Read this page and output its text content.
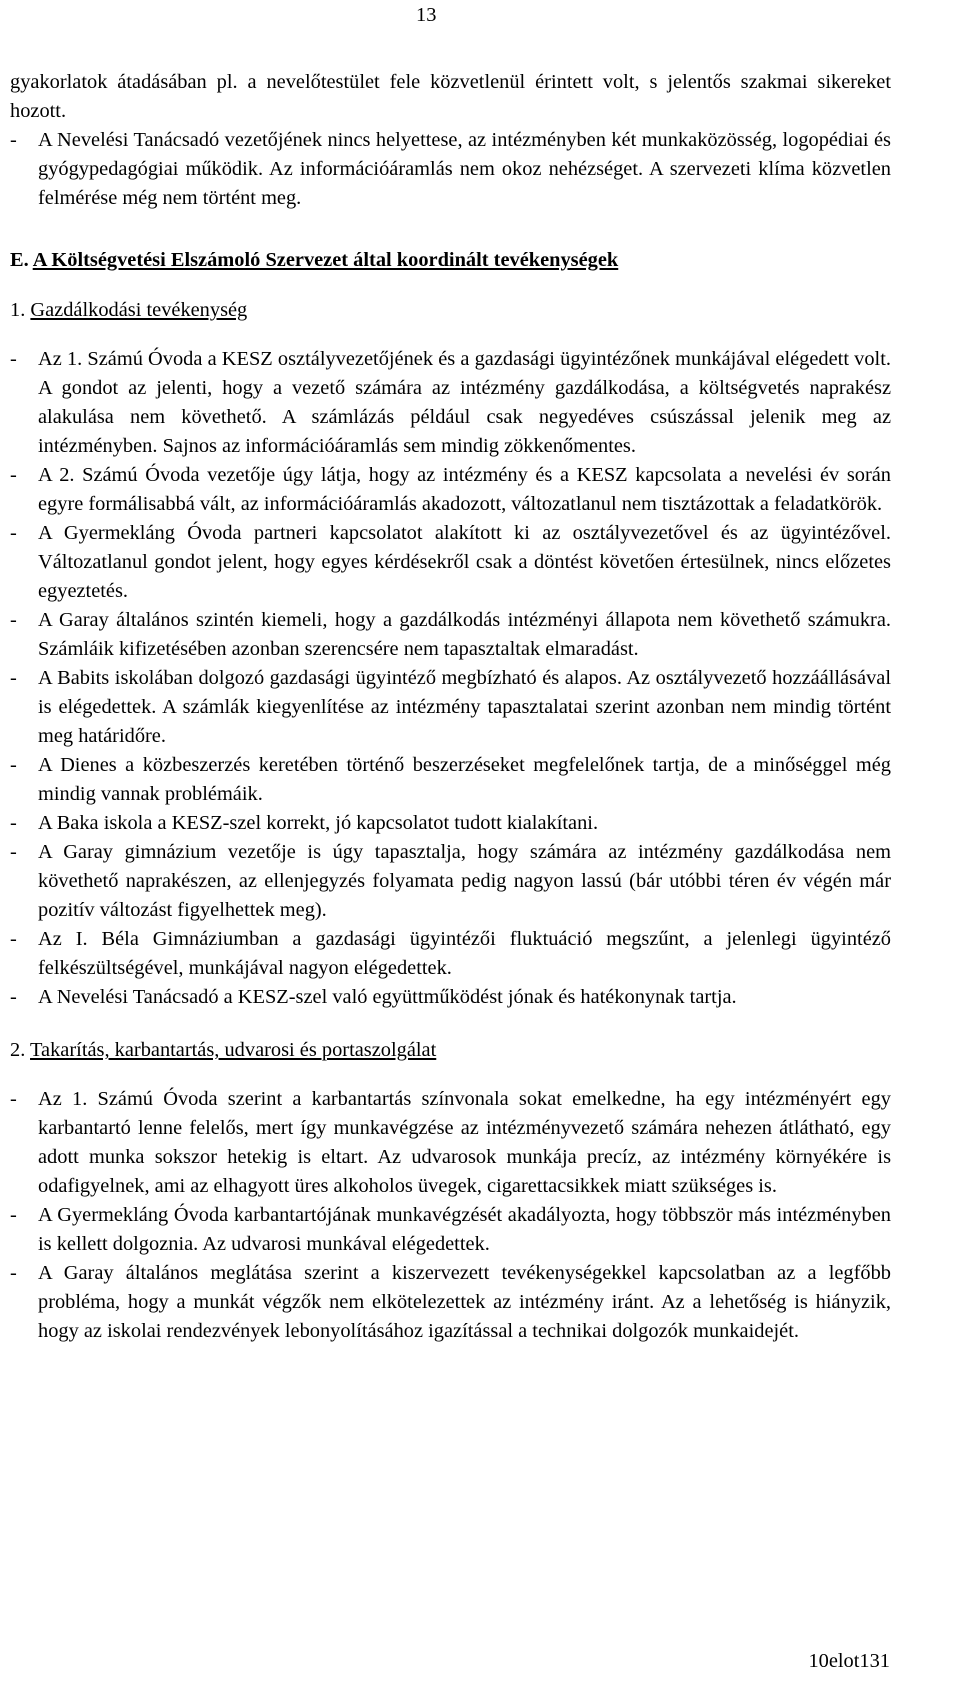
13

gyakorlatok átadásában pl. a nevelőtestület fele közvetlenül érintett volt, s jelentős szakmai sikereket hozott.

- A Nevelési Tanácsadó vezetőjének nincs helyettese, az intézményben két munkaközösség, logopédiai és gyógypedagógiai működik. Az információáramlás nem okoz nehézséget. A szervezeti klíma közvetlen felmérése még nem történt meg.

E. A Költségvetési Elszámoló Szervezet által koordinált tevékenységek

1. Gazdálkodási tevékenység

- Az 1. Számú Óvoda a KESZ osztályvezetőjének és a gazdasági ügyintézőnek munkájával elégedett volt. A gondot az jelenti, hogy a vezető számára az intézmény gazdálkodása, a költségvetés naprakész alakulása nem követhető. A számlázás például csak negyedéves csúszással jelenik meg az intézményben. Sajnos az információáramlás sem mindig zökkenőmentes.
- A 2. Számú Óvoda vezetője úgy látja, hogy az intézmény és a KESZ kapcsolata a nevelési év során egyre formálisabbá vált, az információáramlás akadozott, változatlanul nem tisztázottak a feladatkörök.
- A Gyermekláng Óvoda partneri kapcsolatot alakított ki az osztályvezetővel és az ügyintézővel. Változatlanul gondot jelent, hogy egyes kérdésekről csak a döntést követően értesülnek, nincs előzetes egyeztetés.
- A Garay általános szintén kiemeli, hogy a gazdálkodás intézményi állapota nem követhető számukra. Számláik kifizetésében azonban szerencsére nem tapasztaltak elmaradást.
- A Babits iskolában dolgozó gazdasági ügyintéző megbízható és alapos. Az osztályvezető hozzáállásával is elégedettek. A számlák kiegyenlítése az intézmény tapasztalatai szerint azonban nem mindig történt meg határidőre.
- A Dienes a közbeszerzés keretében történő beszerzéseket megfelelőnek tartja, de a minőséggel még mindig vannak problémáik.
- A Baka iskola a KESZ-szel korrekt, jó kapcsolatot tudott kialakítani.
- A Garay gimnázium vezetője is úgy tapasztalja, hogy számára az intézmény gazdálkodása nem követhető naprakészen, az ellenjegyzés folyamata pedig nagyon lassú (bár utóbbi téren év végén már pozitív változást figyelhettek meg).
- Az I. Béla Gimnáziumban a gazdasági ügyintézői fluktuáció megszűnt, a jelenlegi ügyintéző felkészültségével, munkájával nagyon elégedettek.
- A Nevelési Tanácsadó a KESZ-szel való együttműködést jónak és hatékonynak tartja.

2. Takarítás, karbantartás, udvarosi és portaszolgálat

- Az 1. Számú Óvoda szerint a karbantartás színvonala sokat emelkedne, ha egy intézményért egy karbantartó lenne felelős, mert így munkavégzése az intézményvezető számára nehezen átlátható, egy adott munka sokszor hetekig is eltart. Az udvarosok munkája precíz, az intézmény környékére is odafigyelnek, ami az elhagyott üres alkoholos üvegek, cigarettacsikkek miatt szükséges is.
- A Gyermekláng Óvoda karbantartójának munkavégzését akadályozta, hogy többször más intézményben is kellett dolgoznia. Az udvarosi munkával elégedettek.
- A Garay általános meglátása szerint a kiszervezett tevékenységekkel kapcsolatban az a legfőbb probléma, hogy a munkát végzők nem elkötelezettek az intézmény iránt. Az a lehetőség is hiányzik, hogy az iskolai rendezvények lebonyolításához igazítással a technikai dolgozók munkaidejét.
10elot131
